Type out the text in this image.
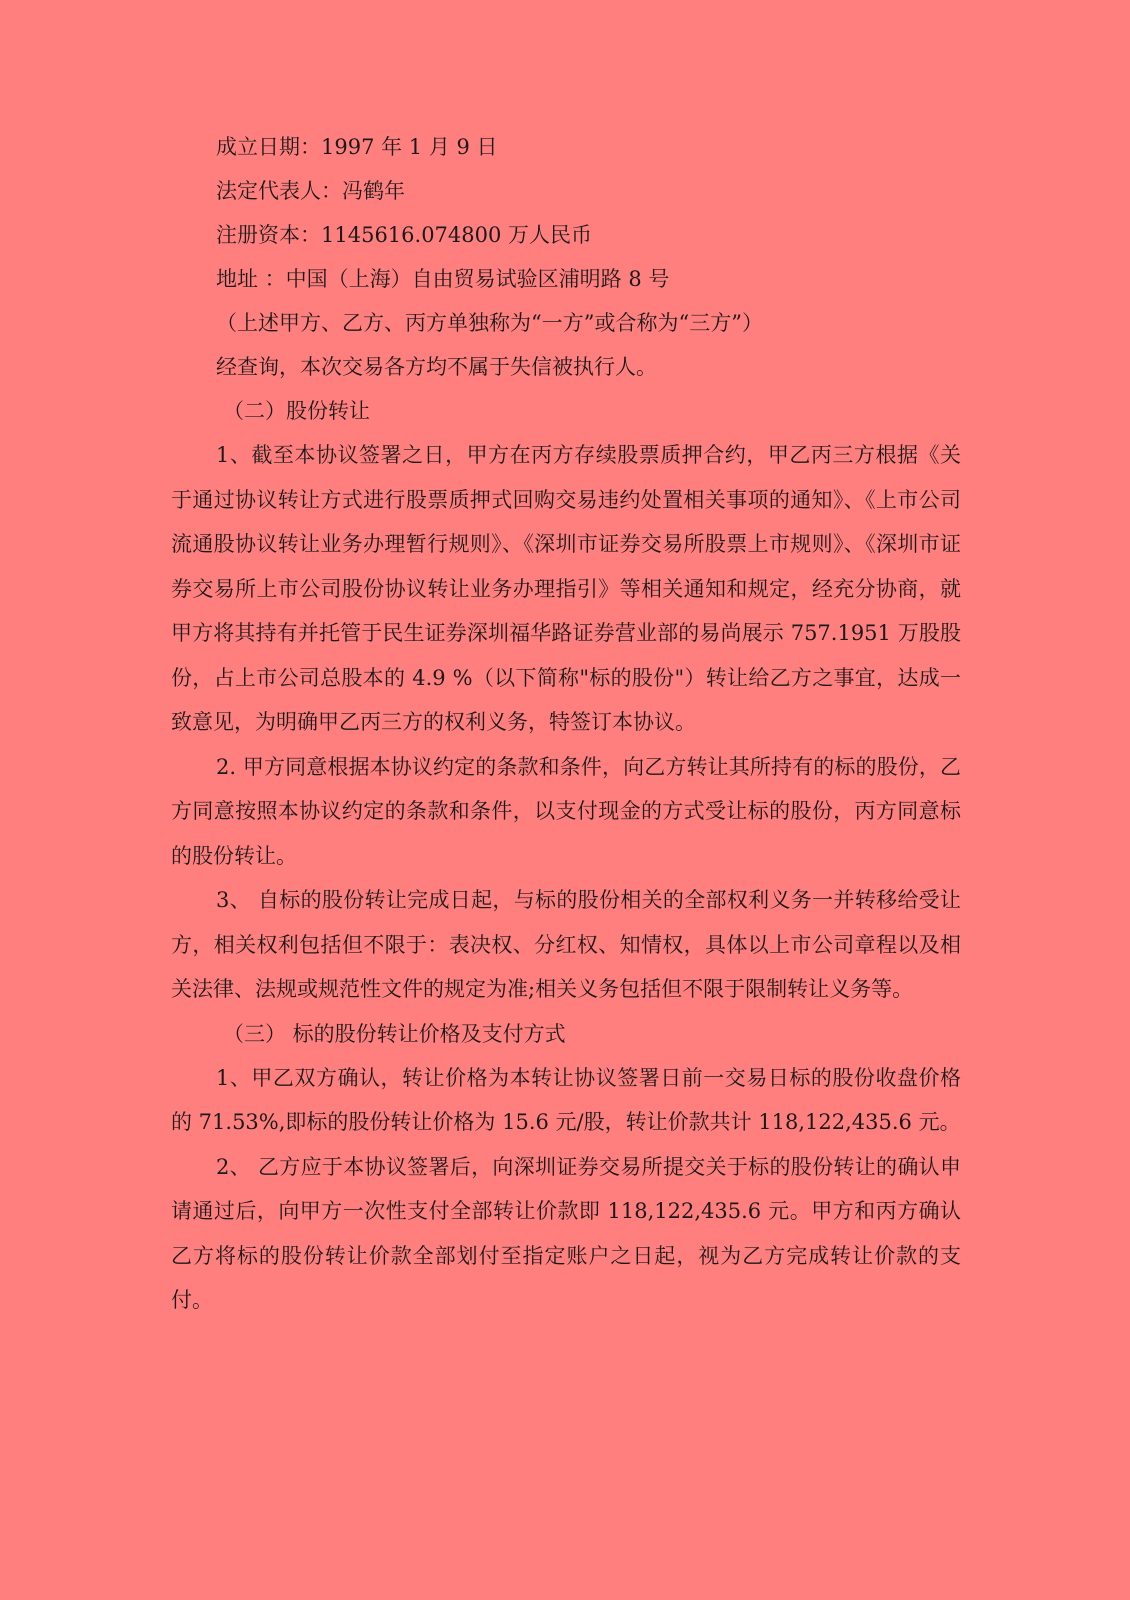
成立日期：1997 年 1 月 9 日
法定代表人：冯鹤年
注册资本：1145616.074800 万人民币
地址 ：中国（上海）自由贸易试验区浦明路 8 号
（上述甲方、乙方、丙方单独称为“一方”或合称为“三方”）
经查询，本次交易各方均不属于失信被执行人。
（二）股份转让

1、截至本协议签署之日，甲方在丙方存续股票质押合约，甲乙丙三方根据《关于通过协议转让方式进行股票质押式回购交易违约处置相关事项的通知》、《上市公司流通股协议转让业务办理暂行规则》、《深圳市证券交易所股票上市规则》、《深圳市证券交易所上市公司股份协议转让业务办理指引》等相关通知和规定，经充分协商，就甲方将其持有并托管于民生证券深圳福华路证券营业部的易尚展示 757.1951 万股股份，占上市公司总股本的 4.9 %（以下简称"标的股份"）转让给乙方之事宜，达成一致意见，为明确甲乙丙三方的权利义务，特签订本协议。

2. 甲方同意根据本协议约定的条款和条件，向乙方转让其所持有的标的股份，乙方同意按照本协议约定的条款和条件，以支付现金的方式受让标的股份，丙方同意标的股份转让。

3、 自标的股份转让完成日起，与标的股份相关的全部权利义务一并转移给受让方，相关权利包括但不限于：表决权、分红权、知情权，具体以上市公司章程以及相关法律、法规或规范性文件的规定为准;相关义务包括但不限于限制转让义务等。

（三） 标的股份转让价格及支付方式

1、甲乙双方确认，转让价格为本转让协议签署日前一交易日标的股份收盘价格的 71.53%,即标的股份转让价格为 15.6 元/股，转让价款共计 118,122,435.6 元。

2、 乙方应于本协议签署后，向深圳证券交易所提交关于标的股份转让的确认申请通过后，向甲方一次性支付全部转让价款即 118,122,435.6 元。甲方和丙方确认乙方将标的股份转让价款全部划付至指定账户之日起，视为乙方完成转让价款的支付。
